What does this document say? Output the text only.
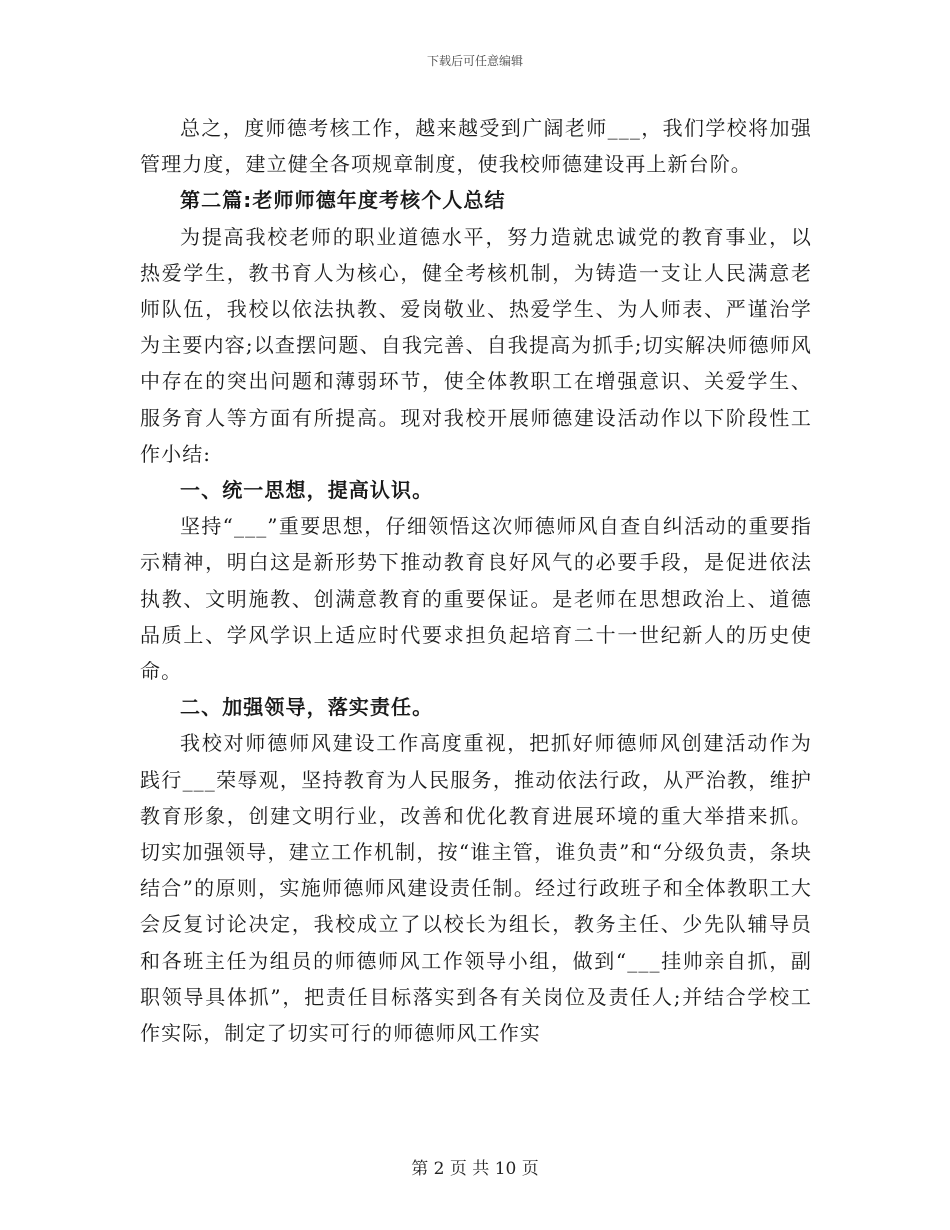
下载后可任意编辑

总之，度师德考核工作，越来越受到广阔老师___，我们学校将加强管理力度，建立健全各项规章制度，使我校师德建设再上新台阶。

第二篇:老师师德年度考核个人总结

为提高我校老师的职业道德水平，努力造就忠诚党的教育事业，以热爱学生，教书育人为核心，健全考核机制，为铸造一支让人民满意老师队伍，我校以依法执教、爱岗敬业、热爱学生、为人师表、严谨治学为主要内容;以查摆问题、自我完善、自我提高为抓手;切实解决师德师风中存在的突出问题和薄弱环节，使全体教职工在增强意识、关爱学生、服务育人等方面有所提高。现对我校开展师德建设活动作以下阶段性工作小结:

一、统一思想，提高认识。

坚持“___”重要思想，仔细领悟这次师德师风自查自纠活动的重要指示精神，明白这是新形势下推动教育良好风气的必要手段，是促进依法执教、文明施教、创满意教育的重要保证。是老师在思想政治上、道德品质上、学风学识上适应时代要求担负起培育二十一世纪新人的历史使命。

二、加强领导，落实责任。

我校对师德师风建设工作高度重视，把抓好师德师风创建活动作为践行___荣辱观，坚持教育为人民服务，推动依法行政，从严治教，维护教育形象，创建文明行业，改善和优化教育进展环境的重大举措来抓。切实加强领导，建立工作机制，按“谁主管，谁负责”和“分级负责，条块结合”的原则，实施师德师风建设责任制。经过行政班子和全体教职工大会反复讨论决定，我校成立了以校长为组长，教务主任、少先队辅导员和各班主任为组员的师德师风工作领导小组，做到“___挂帅亲自抓，副职领导具体抓”，把责任目标落实到各有关岗位及责任人;并结合学校工作实际，制定了切实可行的师德师风工作实

第 2 页 共 10 页
